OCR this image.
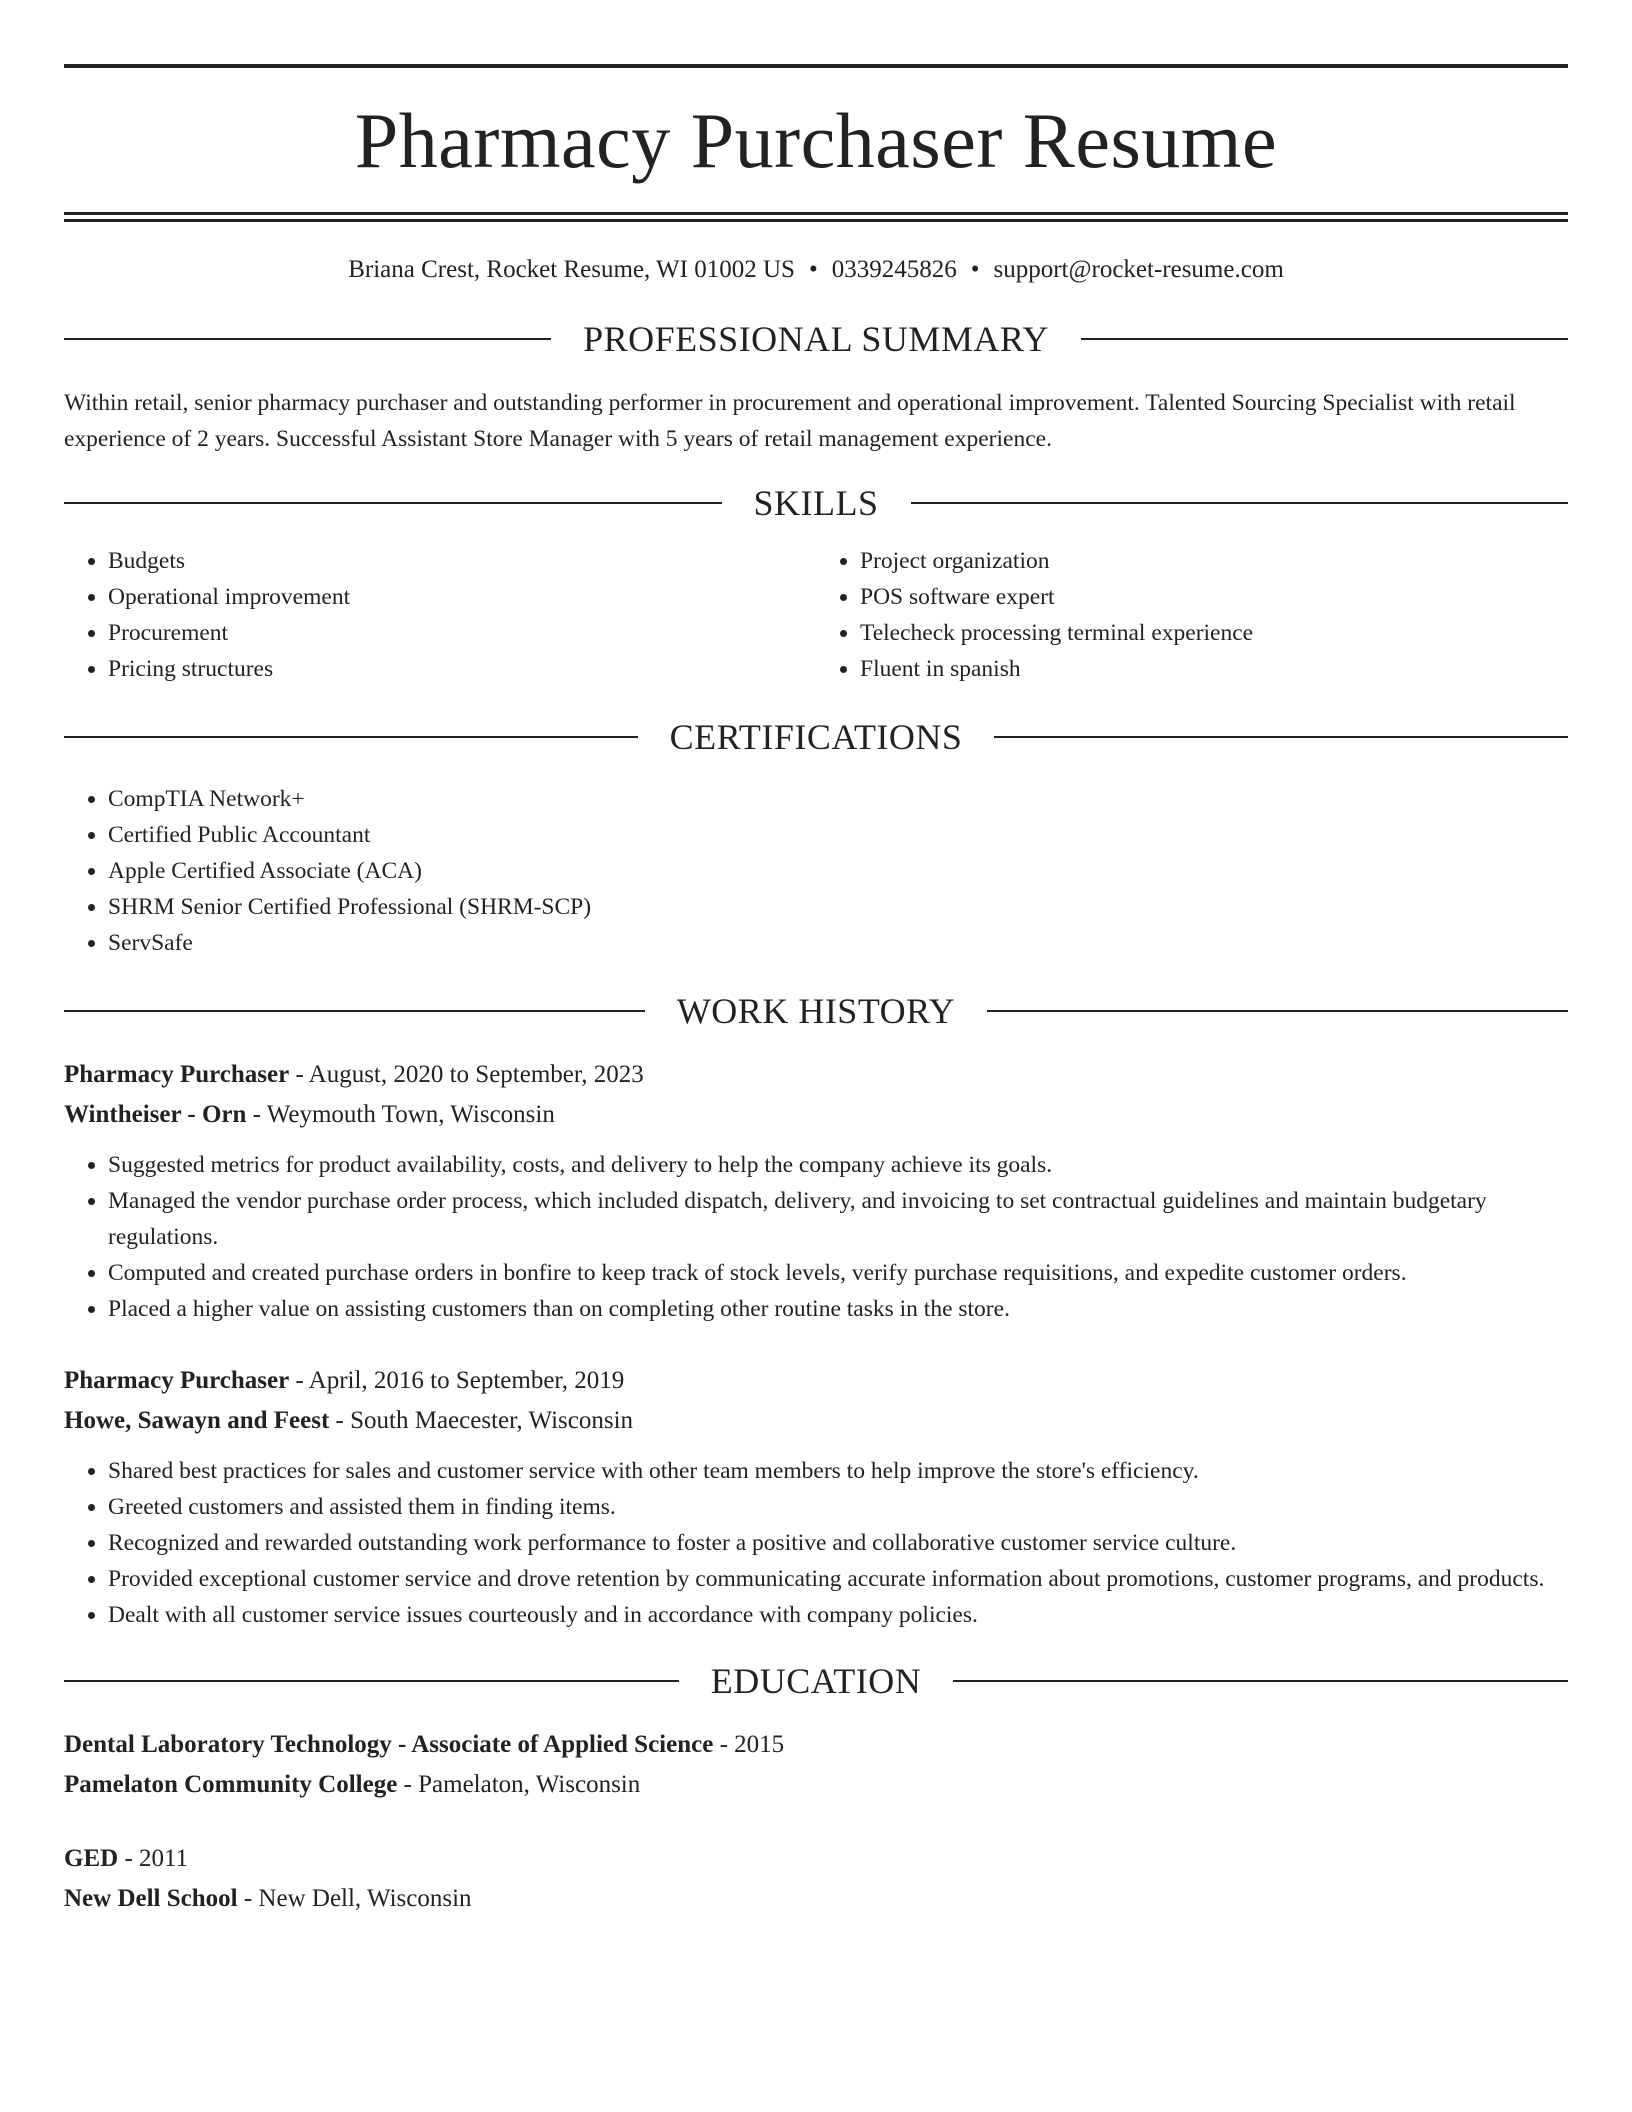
Pharmacy Purchaser Resume
Briana Crest, Rocket Resume, WI 01002 US • 0339245826 • support@rocket-resume.com
PROFESSIONAL SUMMARY
Within retail, senior pharmacy purchaser and outstanding performer in procurement and operational improvement. Talented Sourcing Specialist with retail experience of 2 years. Successful Assistant Store Manager with 5 years of retail management experience.
SKILLS
• Budgets
• Operational improvement
• Procurement
• Pricing structures
• Project organization
• POS software expert
• Telecheck processing terminal experience
• Fluent in spanish
CERTIFICATIONS
• CompTIA Network+
• Certified Public Accountant
• Apple Certified Associate (ACA)
• SHRM Senior Certified Professional (SHRM-SCP)
• ServSafe
WORK HISTORY
Pharmacy Purchaser - August, 2020 to September, 2023
Wintheiser - Orn - Weymouth Town, Wisconsin
• Suggested metrics for product availability, costs, and delivery to help the company achieve its goals.
• Managed the vendor purchase order process, which included dispatch, delivery, and invoicing to set contractual guidelines and maintain budgetary regulations.
• Computed and created purchase orders in bonfire to keep track of stock levels, verify purchase requisitions, and expedite customer orders.
• Placed a higher value on assisting customers than on completing other routine tasks in the store.
Pharmacy Purchaser - April, 2016 to September, 2019
Howe, Sawayn and Feest - South Maecester, Wisconsin
• Shared best practices for sales and customer service with other team members to help improve the store's efficiency.
• Greeted customers and assisted them in finding items.
• Recognized and rewarded outstanding work performance to foster a positive and collaborative customer service culture.
• Provided exceptional customer service and drove retention by communicating accurate information about promotions, customer programs, and products.
• Dealt with all customer service issues courteously and in accordance with company policies.
EDUCATION
Dental Laboratory Technology - Associate of Applied Science - 2015
Pamelaton Community College - Pamelaton, Wisconsin
GED - 2011
New Dell School - New Dell, Wisconsin
